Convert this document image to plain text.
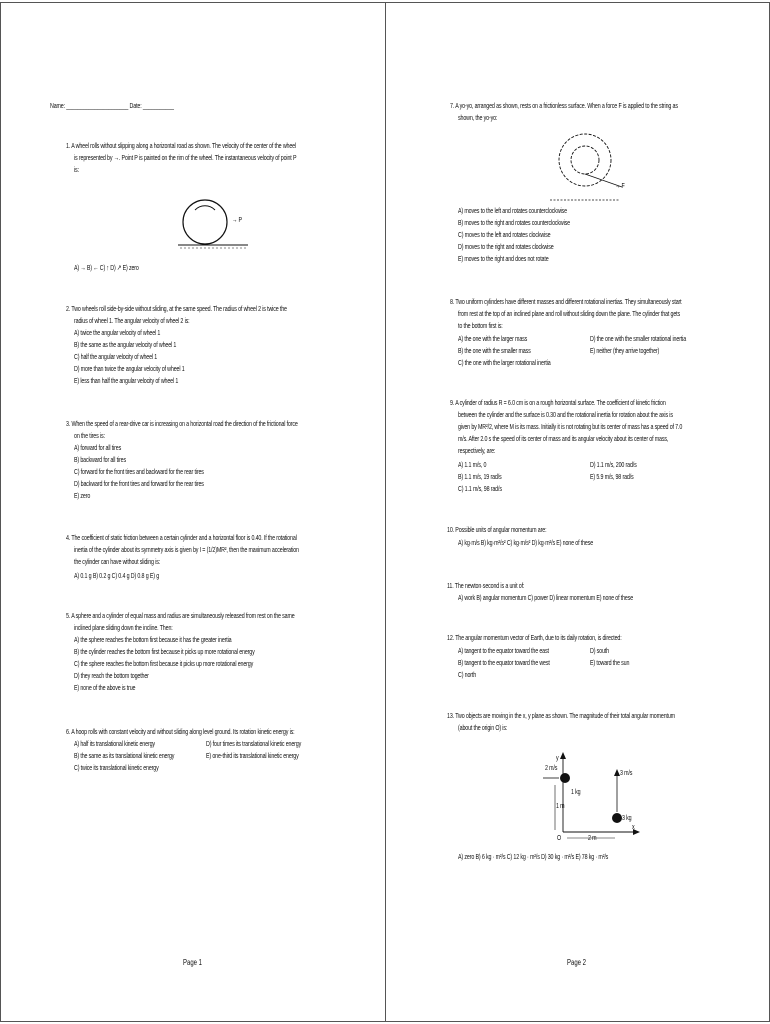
Name: ______________________ Date: ___________
1. A wheel rolls without slipping along a horizontal road as shown. The velocity of the center of the wheel
is represented by →. Point P is painted on the rim of the wheel. The instantaneous velocity of point P
is:
→ P
A) → B) ← C) ↑ D) ↗ E) zero
2. Two wheels roll side-by-side without sliding, at the same speed. The radius of wheel 2 is twice the
radius of wheel 1. The angular velocity of wheel 2 is:
A) twice the angular velocity of wheel 1
B) the same as the angular velocity of wheel 1
C) half the angular velocity of wheel 1
D) more than twice the angular velocity of wheel 1
E) less than half the angular velocity of wheel 1
3. When the speed of a rear-drive car is increasing on a horizontal road the direction of the frictional force
on the tires is:
A) forward for all tires
B) backward for all tires
C) forward for the front tires and backward for the rear tires
D) backward for the front tires and forward for the rear tires
E) zero
4. The coefficient of static friction between a certain cylinder and a horizontal floor is 0.40. If the rotational
inertia of the cylinder about its symmetry axis is given by I = (1/2)MR², then the maximum acceleration
the cylinder can have without sliding is:
A) 0.1 g B) 0.2 g C) 0.4 g D) 0.8 g E) g
5. A sphere and a cylinder of equal mass and radius are simultaneously released from rest on the same
inclined plane sliding down the incline. Then:
A) the sphere reaches the bottom first because it has the greater inertia
B) the cylinder reaches the bottom first because it picks up more rotational energy
C) the sphere reaches the bottom first because it picks up more rotational energy
D) they reach the bottom together
E) none of the above is true
6. A hoop rolls with constant velocity and without sliding along level ground. Its rotation kinetic energy is:
A) half its translational kinetic energy
B) the same as its translational kinetic energy
C) twice its translational kinetic energy
D) four times its translational kinetic energy
E) one-third its translational kinetic energy
Page 1
7. A yo-yo, arranged as shown, rests on a frictionless surface. When a force F is applied to the string as
shown, the yo-yo:
→ F
A) moves to the left and rotates counterclockwise
B) moves to the right and rotates counterclockwise
C) moves to the left and rotates clockwise
D) moves to the right and rotates clockwise
E) moves to the right and does not rotate
8. Two uniform cylinders have different masses and different rotational inertias. They simultaneously start
from rest at the top of an inclined plane and roll without sliding down the plane. The cylinder that gets
to the bottom first is:
A) the one with the larger mass
B) the one with the smaller mass
C) the one with the larger rotational inertia
D) the one with the smaller rotational inertia
E) neither (they arrive together)
9. A cylinder of radius R = 6.0 cm is on a rough horizontal surface. The coefficient of kinetic friction
between the cylinder and the surface is 0.30 and the rotational inertia for rotation about the axis is
given by MR²/2, where M is its mass. Initially it is not rotating but its center of mass has a speed of 7.0
m/s. After 2.0 s the speed of its center of mass and its angular velocity about its center of mass,
respectively, are:
A) 1.1 m/s, 0
B) 1.1 m/s, 19 rad/s
C) 1.1 m/s, 98 rad/s
D) 1.1 m/s, 200 rad/s
E) 5.9 m/s, 98 rad/s
10. Possible units of angular momentum are:
A) kg·m/s B) kg·m²/s² C) kg·m/s² D) kg·m²/s E) none of these
11. The newton·second is a unit of:
A) work B) angular momentum C) power D) linear momentum E) none of these
12. The angular momentum vector of Earth, due to its daily rotation, is directed:
A) tangent to the equator toward the east
B) tangent to the equator toward the west
C) north
D) south
E) toward the sun
13. Two objects are moving in the x, y plane as shown. The magnitude of their total angular momentum
(about the origin O) is:
2 m/s
1 kg
1 m
3 m/s
3 kg
2 m
x
y
O
A) zero B) 6 kg · m²/s C) 12 kg · m²/s D) 30 kg · m²/s E) 78 kg · m²/s
Page 2
